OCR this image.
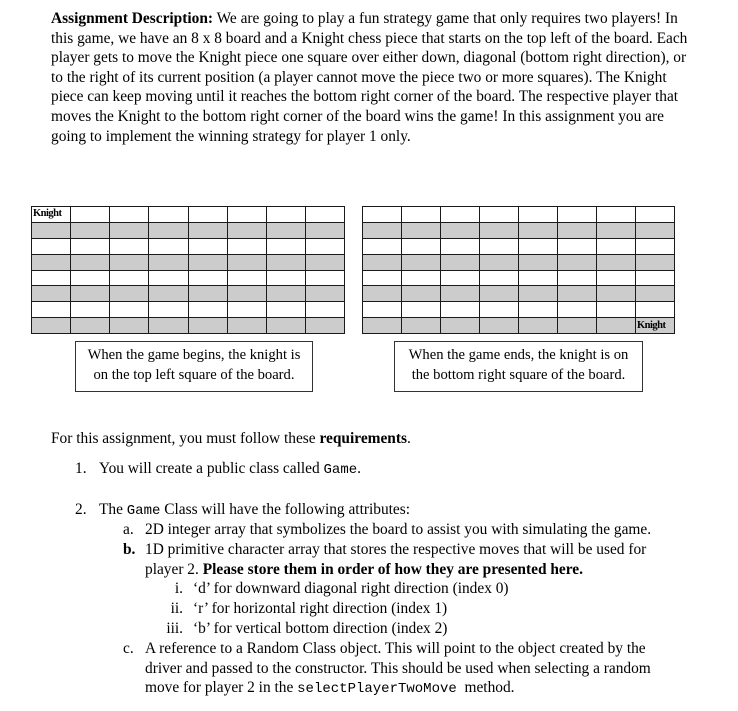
Assignment Description: We are going to play a fun strategy game that only requires two players! In this game, we have an 8 x 8 board and a Knight chess piece that starts on the top left of the board. Each player gets to move the Knight piece one square over either down, diagonal (bottom right direction), or to the right of its current position (a player cannot move the piece two or more squares). The Knight piece can keep moving until it reaches the bottom right corner of the board. The respective player that moves the Knight to the bottom right corner of the board wins the game! In this assignment you are going to implement the winning strategy for player 1 only.

Knight							

							Knight
When the game begins, the knight is
on the top left square of the board.
When the game ends, the knight is on
the bottom right square of the board.

For this assignment, you must follow these requirements.

1. You will create a public class called Game.

2. The Game Class will have the following attributes:

a. 2D integer array that symbolizes the board to assist you with simulating the game.

b. 1D primitive character array that stores the respective moves that will be used for player 2. Please store them in order of how they are presented here.

i. ‘d’ for downward diagonal right direction (index 0)

ii. ‘r’ for horizontal right direction (index 1)

iii. ‘b’ for vertical bottom direction (index 2)

c. A reference to a Random Class object. This will point to the object created by the driver and passed to the constructor. This should be used when selecting a random move for player 2 in the selectPlayerTwoMove  method.
